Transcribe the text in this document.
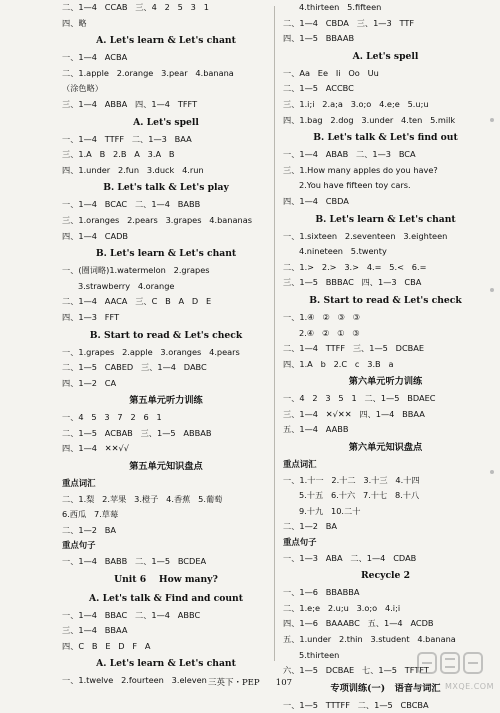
二、1—4   CCAB   三、4   2   5   3   1
四、略
A. Let's learn & Let's chant
一、1—4   ACBA
二、1.apple   2.orange   3.pear   4.banana
（涂色略）
三、1—4   ABBA   四、1—4   TFFT
A. Let's spell
一、1—4   TTFF   二、1—3   BAA
三、1.A   B   2.B   A   3.A   B
四、1.under   2.fun   3.duck   4.run
B. Let's talk & Let's play
一、1—4   BCAC   二、1—4   BABB
三、1.oranges   2.pears   3.grapes   4.bananas
四、1—4   CADB
B. Let's learn & Let's chant
一、(圈词略)1.watermelon   2.grapes
3.strawberry   4.orange
二、1—4   AACA   三、C   B   A   D   E
四、1—3   FFT
B. Start to read & Let's check
一、1.grapes   2.apple   3.oranges   4.pears
二、1—5   CABED   三、1—4   DABC
四、1—2   CA
第五单元听力训练
一、4   5   3   7   2   6   1
二、1—5   ACBAB   三、1—5   ABBAB
四、1—4   ✕✕√√
第五单元知识盘点
重点词汇
二、1.梨   2.苹果   3.橙子   4.香蕉   5.葡萄
6.西瓜   7.草莓
二、1—2   BA
重点句子
一、1—4   BABB   二、1—5   BCDEA
Unit 6    How many?
A. Let's talk & Find and count
一、1—4   BBAC   二、1—4   ABBC
三、1—4   BBAA
四、C   B   E   D   F   A
A. Let's learn & Let's chant
一、1.twelve   2.fourteen   3.eleven
4.thirteen   5.fifteen
二、1—4   CBDA   三、1—3   TTF
四、1—5   BBAAB
A. Let's spell
一、Aa   Ee   Ii   Oo   Uu
二、1—5   ACCBC
三、1.i;i   2.a;a   3.o;o   4.e;e   5.u;u
四、1.bag   2.dog   3.under   4.ten   5.milk
B. Let's talk & Let's find out
一、1—4   ABAB   二、1—3   BCA
三、1.How many apples do you have?
2.You have fifteen toy cars.
四、1—4   CBDA
B. Let's learn & Let's chant
一、1.sixteen   2.seventeen   3.eighteen
4.nineteen   5.twenty
二、1.>   2.>   3.>   4.=   5.<   6.=
三、1—5   BBBAC   四、1—3   CBA
B. Start to read & Let's check
一、1.④   ②   ③   ③
2.④   ②   ①   ③
二、1—4   TTFF   三、1—5   DCBAE
四、1.A   b   2.C   c   3.B   a
第六单元听力训练
一、4   2   3   5   1   二、1—5   BDAEC
三、1—4   ✕√✕✕   四、1—4   BBAA
五、1—4   AABB
第六单元知识盘点
重点词汇
一、1.十一   2.十二   3.十三   4.十四
5.十五   6.十六   7.十七   8.十八
9.十九   10.二十
二、1—2   BA
重点句子
一、1—3   ABA   二、1—4   CDAB
Recycle 2
一、1—6   BBABBA
二、1.e;e   2.u;u   3.o;o   4.i;i
四、1—6   BAAABC   五、1—4   ACDB
五、1.under   2.thin   3.student   4.banana
5.thirteen
六、1—5   DCBAE   七、1—5   TFTFT
专项训练(一)   语音与词汇
一、1—5   TTTFF   二、1—5   CBCBA
三英下・PEP      107	MXQE.COM
